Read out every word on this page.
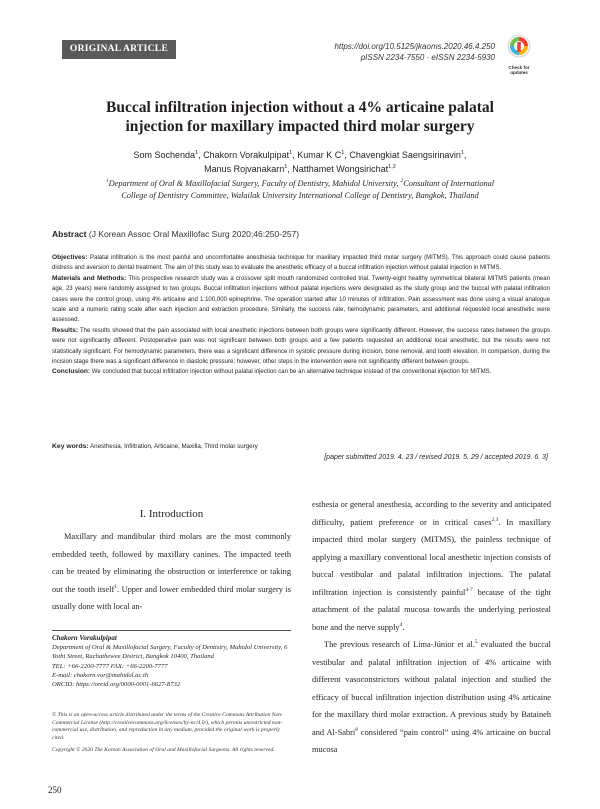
ORIGINAL ARTICLE	https://doi.org/10.5125/jkaoms.2020.46.4.250
pISSN 2234-7550 · eISSN 2234-5930
Check for
updates
Buccal infiltration injection without a 4% articaine palatal
injection for maxillary impacted third molar surgery
Som Sochenda$^1$, Chakorn Vorakulpipat$^1$, Kumar K $C^1$, Chavengkiat Saengsirinavin$^1$,
Manus Rojvanakarn$^1$, Natthamet Wongsirichat$^{1,2}$
$^1$Department of Oral & Maxillofacial Surgery, Faculty of Dentistry, Mahidol University, $^2$Consultant of International
College of Dentistry Committee, Walailak University International College of Dentistry, Bangkok, Thailand
Abstract (J Korean Assoc Oral Maxillofac Surg 2020;46:250-257)

Objectives: Palatal infiltration is the most painful and uncomfortable anesthesia technique for maxillary impacted third molar surgery (MITMS). This approach could cause patients distress and aversion to dental treatment. The aim of this study was to evaluate the anesthetic efficacy of a buccal infiltration injection without palatal injection in MITMS.

Materials and Methods: This prospective research study was a crossover split mouth randomized controlled trial. Twenty-eight healthy symmetrical bilateral MITMS patients (mean age, 23 years) were randomly assigned to two groups. Buccal infiltration injections without palatal injections were designated as the study group and the buccal with palatal infiltration cases were the control group, using 4% articaine and 1:100,000 epinephrine. The operation started after 10 minutes of infiltration. Pain assessment was done using a visual analogue scale and a numeric rating scale after each injection and extraction procedure. Similarly, the success rate, hemodynamic parameters, and additional requested local anesthetic were assessed.

Results: The results showed that the pain associated with local anesthetic injections between both groups were significantly different. However, the success rates between the groups were not significantly different. Postoperative pain was not significant between both groups and a few patients requested an additional local anesthetic, but the results were not statistically significant. For hemodynamic parameters, there was a significant difference in systolic pressure during incision, bone removal, and tooth elevation. In comparison, during the incision stage there was a significant difference in diastolic pressure; however, other steps in the intervention were not significantly different between groups.

Conclusion: We concluded that buccal infiltration injection without palatal injection can be an alternative technique instead of the conventional injection for MITMS.

Key words: Anesthesia, Infiltration, Articaine, Maxilla, Third molar surgery
[paper submitted 2019. 4. 23 / revised 2019. 5. 29 / accepted 2019. 6. 3]
I. Introduction

Maxillary and mandibular third molars are the most commonly embedded teeth, followed by maxillary canines. The impacted teeth can be treated by eliminating the obstruction or interference or taking out the tooth itself$^1$. Upper and lower embedded third molar surgery is usually done with local an-

esthesia or general anesthesia, according to the severity and anticipated difficulty, patient preference or in critical cases$^{2,3}$. In maxillary impacted third molar surgery (MITMS), the painless technique of applying a maxillary conventional local anesthetic injection consists of buccal vestibular and palatal infiltration injections. The palatal infiltration injection is consistently painful$^{4-7}$ because of the tight attachment of the palatal mucosa towards the underlying periosteal bone and the nerve supply$^4$.

The previous research of Lima-Júnior et al.$^5$ evaluated the buccal vestibular and palatal infiltration injection of 4% articaine with different vasoconstrictors without palatal injection and studied the efficacy of buccal infiltration injection distribution using 4% articaine for the maxillary third molar extraction. A previous study by Bataineh and Al-Sabri$^8$ considered “pain control” using 4% articaine on buccal mucosa

Chakorn Vorakulpipat
Department of Oral & Maxillofacial Surgery, Faculty of Dentistry, Mahidol University, 6 Yothi Street, Rachathewee District, Bangkok 10400, Thailand
TEL: +66-2200-7777 FAX: +66-2200-7777
E-mail: chakorn.vor@mahidol.ac.th
ORCID: https://orcid.org/0000-0001-6627-8732
© This is an open-access article distributed under the terms of the Creative Commons Attribution Non-Commercial License (http://creativecommons.org/licenses/by-nc/4.0/), which permits unrestricted non-commercial use, distribution, and reproduction in any medium, provided the original work is properly cited.
Copyright © 2020 The Korean Association of Oral and Maxillofacial Surgeons. All rights reserved.
250
